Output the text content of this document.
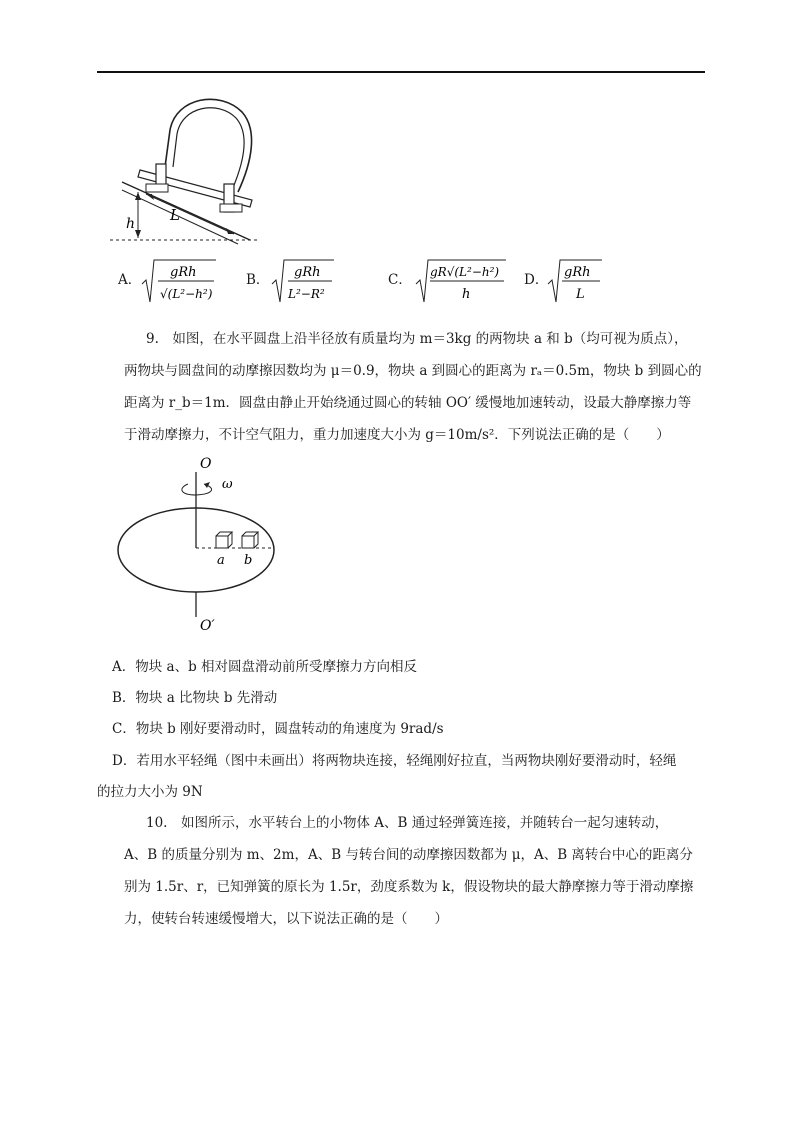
h L
A． gRh
√(L²−h²)
B． gRh
L²−R²
C． gR√(L²−h²)
h
D． gRh
L
9.　如图，在水平圆盘上沿半径放有质量均为 m＝3kg 的两物块 a 和 b（均可视为质点），
两物块与圆盘间的动摩擦因数均为 μ＝0.9，物块 a 到圆心的距离为 rₐ＝0.5m，物块 b 到圆心的
距离为 r_b＝1m．圆盘由静止开始绕通过圆心的转轴 OO′ 缓慢地加速转动，设最大静摩擦力等
于滑动摩擦力，不计空气阻力，重力加速度大小为 g＝10m/s²．下列说法正确的是（　　）
O
ω
a b
O′
A．物块 a、b 相对圆盘滑动前所受摩擦力方向相反
B．物块 a 比物块 b 先滑动
C．物块 b 刚好要滑动时，圆盘转动的角速度为 9rad/s
D．若用水平轻绳（图中未画出）将两物块连接，轻绳刚好拉直，当两物块刚好要滑动时，轻绳
的拉力大小为 9N
10.　如图所示，水平转台上的小物体 A、B 通过轻弹簧连接，并随转台一起匀速转动，
A、B 的质量分别为 m、2m，A、B 与转台间的动摩擦因数都为 μ，A、B 离转台中心的距离分
别为 1.5r、r，已知弹簧的原长为 1.5r，劲度系数为 k，假设物块的最大静摩擦力等于滑动摩擦
力，使转台转速缓慢增大，以下说法正确的是（　　）
